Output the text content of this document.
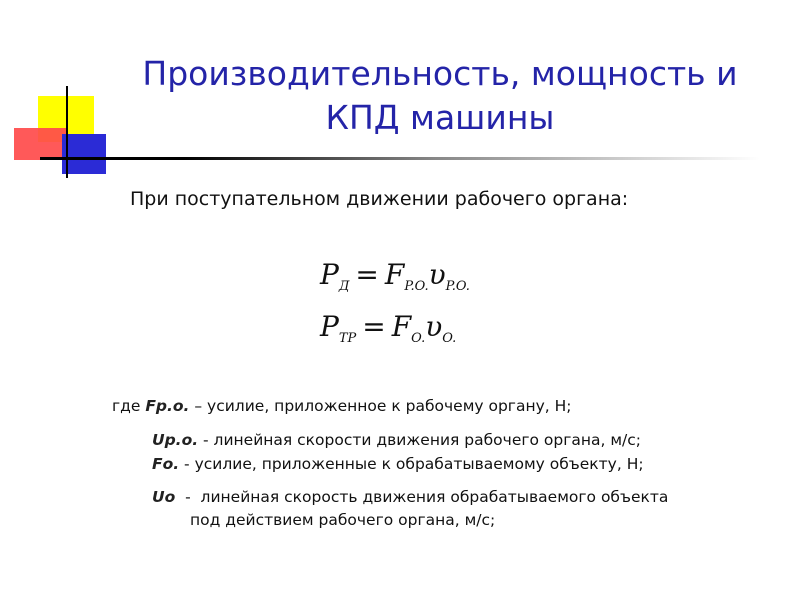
Производительность, мощность и
КПД машины
При поступательном движении рабочего органа:
$P_Д = F_{P.O.}\upsilon_{P.O.}$
$P_{ТР} = F_{O.}\upsilon_{O.}$
где Fр.о. – усилие, приложенное к рабочему органу, Н;
Uр.о. - линейная скорости движения рабочего органа, м/с;
Fо. - усилие, приложенные к обрабатываемому объекту, Н;
Uо  -  линейная скорость движения обрабатываемого объекта
под действием рабочего органа, м/с;
